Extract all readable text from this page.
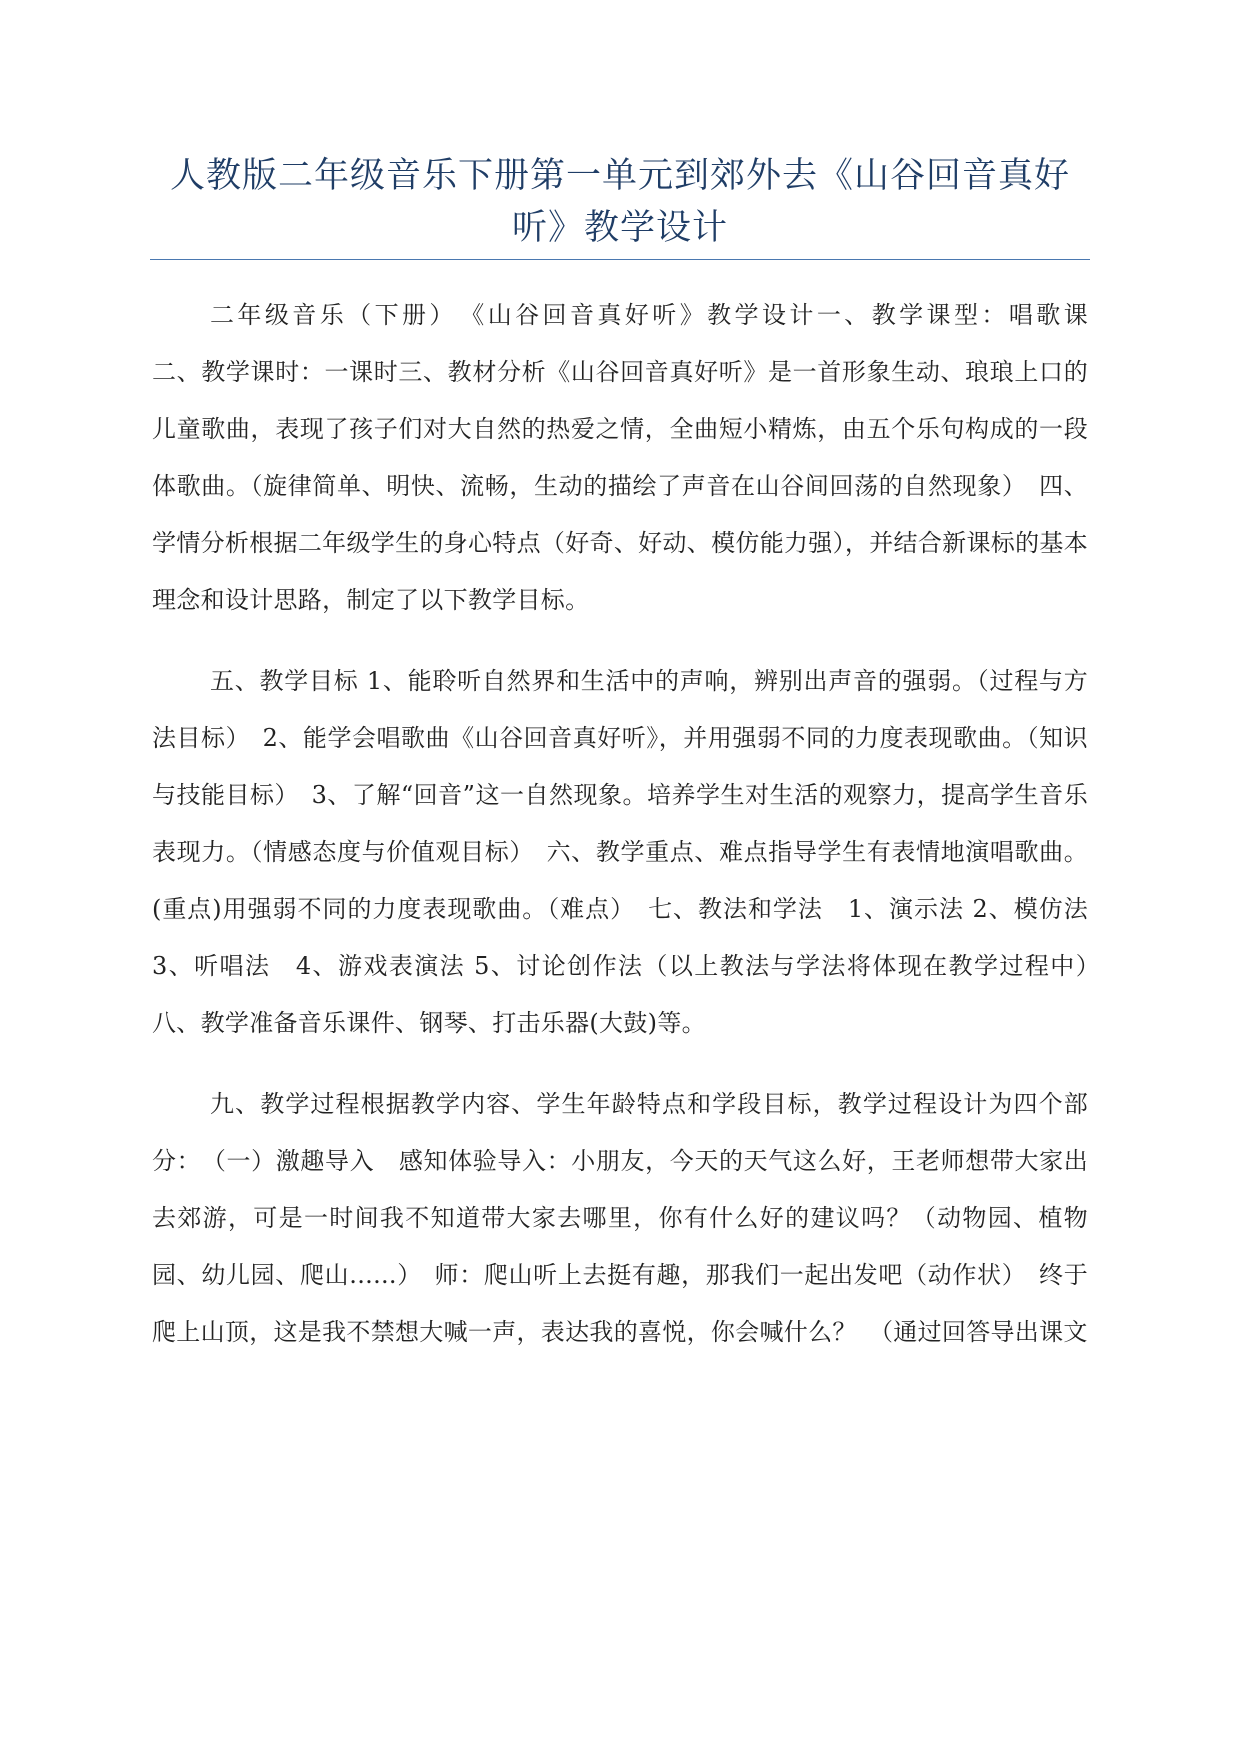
人教版二年级音乐下册第一单元到郊外去《山谷回音真好听》教学设计

二年级音乐（下册）　《山谷回音真好听》教学设计一、教学课型：唱歌课　　　二、教学课时：一课时三、教材分析《山谷回音真好听》是一首形象生动、琅琅上口的儿童歌曲，表现了孩子们对大自然的热爱之情，全曲短小精炼，由五个乐句构成的一段体歌曲。（旋律简单、明快、流畅，生动的描绘了声音在山谷间回荡的自然现象）　四、学情分析根据二年级学生的身心特点（好奇、好动、模仿能力强），并结合新课标的基本理念和设计思路，制定了以下教学目标。

五、教学目标 1、能聆听自然界和生活中的声响，辨别出声音的强弱。（过程与方法目标）　2、能学会唱歌曲《山谷回音真好听》，并用强弱不同的力度表现歌曲。（知识与技能目标）　3、了解“回音”这一自然现象。培养学生对生活的观察力，提高学生音乐表现力。（情感态度与价值观目标）　六、教学重点、难点指导学生有表情地演唱歌曲。(重点)用强弱不同的力度表现歌曲。（难点）　七、教法和学法　1、演示法 2、模仿法 3、听唱法　4、游戏表演法 5、讨论创作法（以上教法与学法将体现在教学过程中）　　八、教学准备音乐课件、钢琴、打击乐器(大鼓)等。

九、教学过程根据教学内容、学生年龄特点和学段目标，教学过程设计为四个部分：　（一）激趣导入　感知体验导入：小朋友，今天的天气这么好，王老师想带大家出去郊游，可是一时间我不知道带大家去哪里，你有什么好的建议吗？（动物园、植物园、幼儿园、爬山......）　师：爬山听上去挺有趣，那我们一起出发吧（动作状）　终于爬上山顶，这是我不禁想大喊一声，表达我的喜悦，你会喊什么？　（通过回答导出课文
